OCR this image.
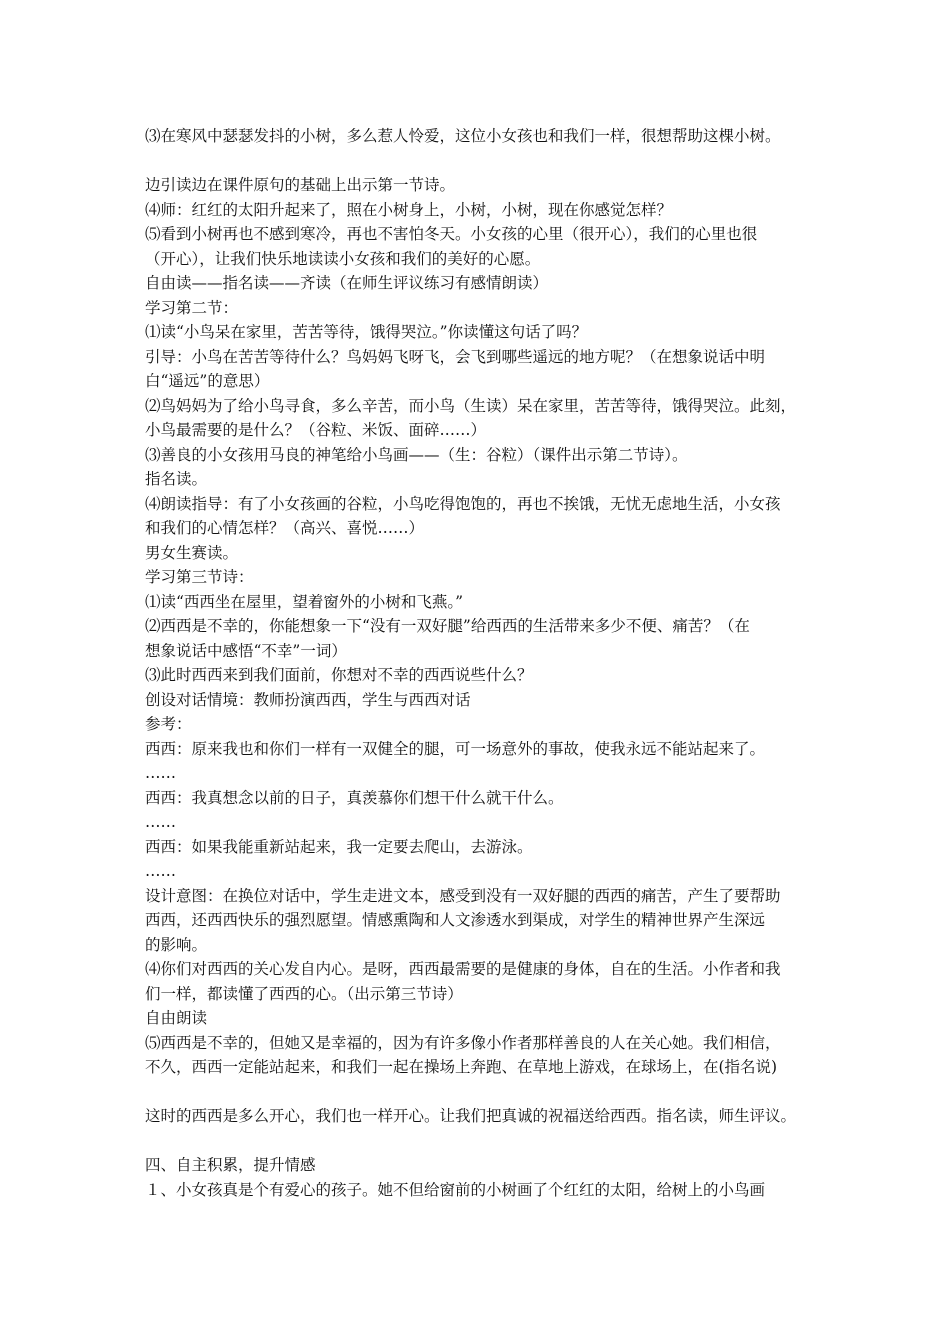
⑶在寒风中瑟瑟发抖的小树，多么惹人怜爱，这位小女孩也和我们一样，很想帮助这棵小树。
边引读边在课件原句的基础上出示第一节诗。
⑷师：红红的太阳升起来了，照在小树身上，小树，小树，现在你感觉怎样？
⑸看到小树再也不感到寒冷，再也不害怕冬天。小女孩的心里（很开心），我们的心里也很
（开心），让我们快乐地读读小女孩和我们的美好的心愿。
自由读——指名读——齐读（在师生评议练习有感情朗读）
学习第二节：
⑴读“小鸟呆在家里，苦苦等待，饿得哭泣。”你读懂这句话了吗？
引导：小鸟在苦苦等待什么？鸟妈妈飞呀飞，会飞到哪些遥远的地方呢？（在想象说话中明
白“遥远”的意思）
⑵鸟妈妈为了给小鸟寻食，多么辛苦，而小鸟（生读）呆在家里，苦苦等待，饿得哭泣。此刻，
小鸟最需要的是什么？（谷粒、米饭、面碎……）
⑶善良的小女孩用马良的神笔给小鸟画——（生：谷粒）（课件出示第二节诗）。
指名读。
⑷朗读指导：有了小女孩画的谷粒，小鸟吃得饱饱的，再也不挨饿，无忧无虑地生活，小女孩
和我们的心情怎样？（高兴、喜悦……）
男女生赛读。
学习第三节诗：
⑴读“西西坐在屋里，望着窗外的小树和飞燕。”
⑵西西是不幸的，你能想象一下“没有一双好腿”给西西的生活带来多少不便、痛苦？（在
想象说话中感悟“不幸”一词）
⑶此时西西来到我们面前，你想对不幸的西西说些什么？
创设对话情境：教师扮演西西，学生与西西对话
参考：
西西：原来我也和你们一样有一双健全的腿，可一场意外的事故，使我永远不能站起来了。
……
西西：我真想念以前的日子，真羡慕你们想干什么就干什么。
……
西西：如果我能重新站起来，我一定要去爬山，去游泳。
……
设计意图：在换位对话中，学生走进文本，感受到没有一双好腿的西西的痛苦，产生了要帮助
西西，还西西快乐的强烈愿望。情感熏陶和人文渗透水到渠成，对学生的精神世界产生深远
的影响。
⑷你们对西西的关心发自内心。是呀，西西最需要的是健康的身体，自在的生活。小作者和我
们一样，都读懂了西西的心。（出示第三节诗）
自由朗读
⑸西西是不幸的，但她又是幸福的，因为有许多像小作者那样善良的人在关心她。我们相信，
不久，西西一定能站起来，和我们一起在操场上奔跑、在草地上游戏，在球场上，在(指名说)
这时的西西是多么开心，我们也一样开心。让我们把真诚的祝福送给西西。指名读，师生评议。
四、自主积累，提升情感
１、小女孩真是个有爱心的孩子。她不但给窗前的小树画了个红红的太阳，给树上的小鸟画
